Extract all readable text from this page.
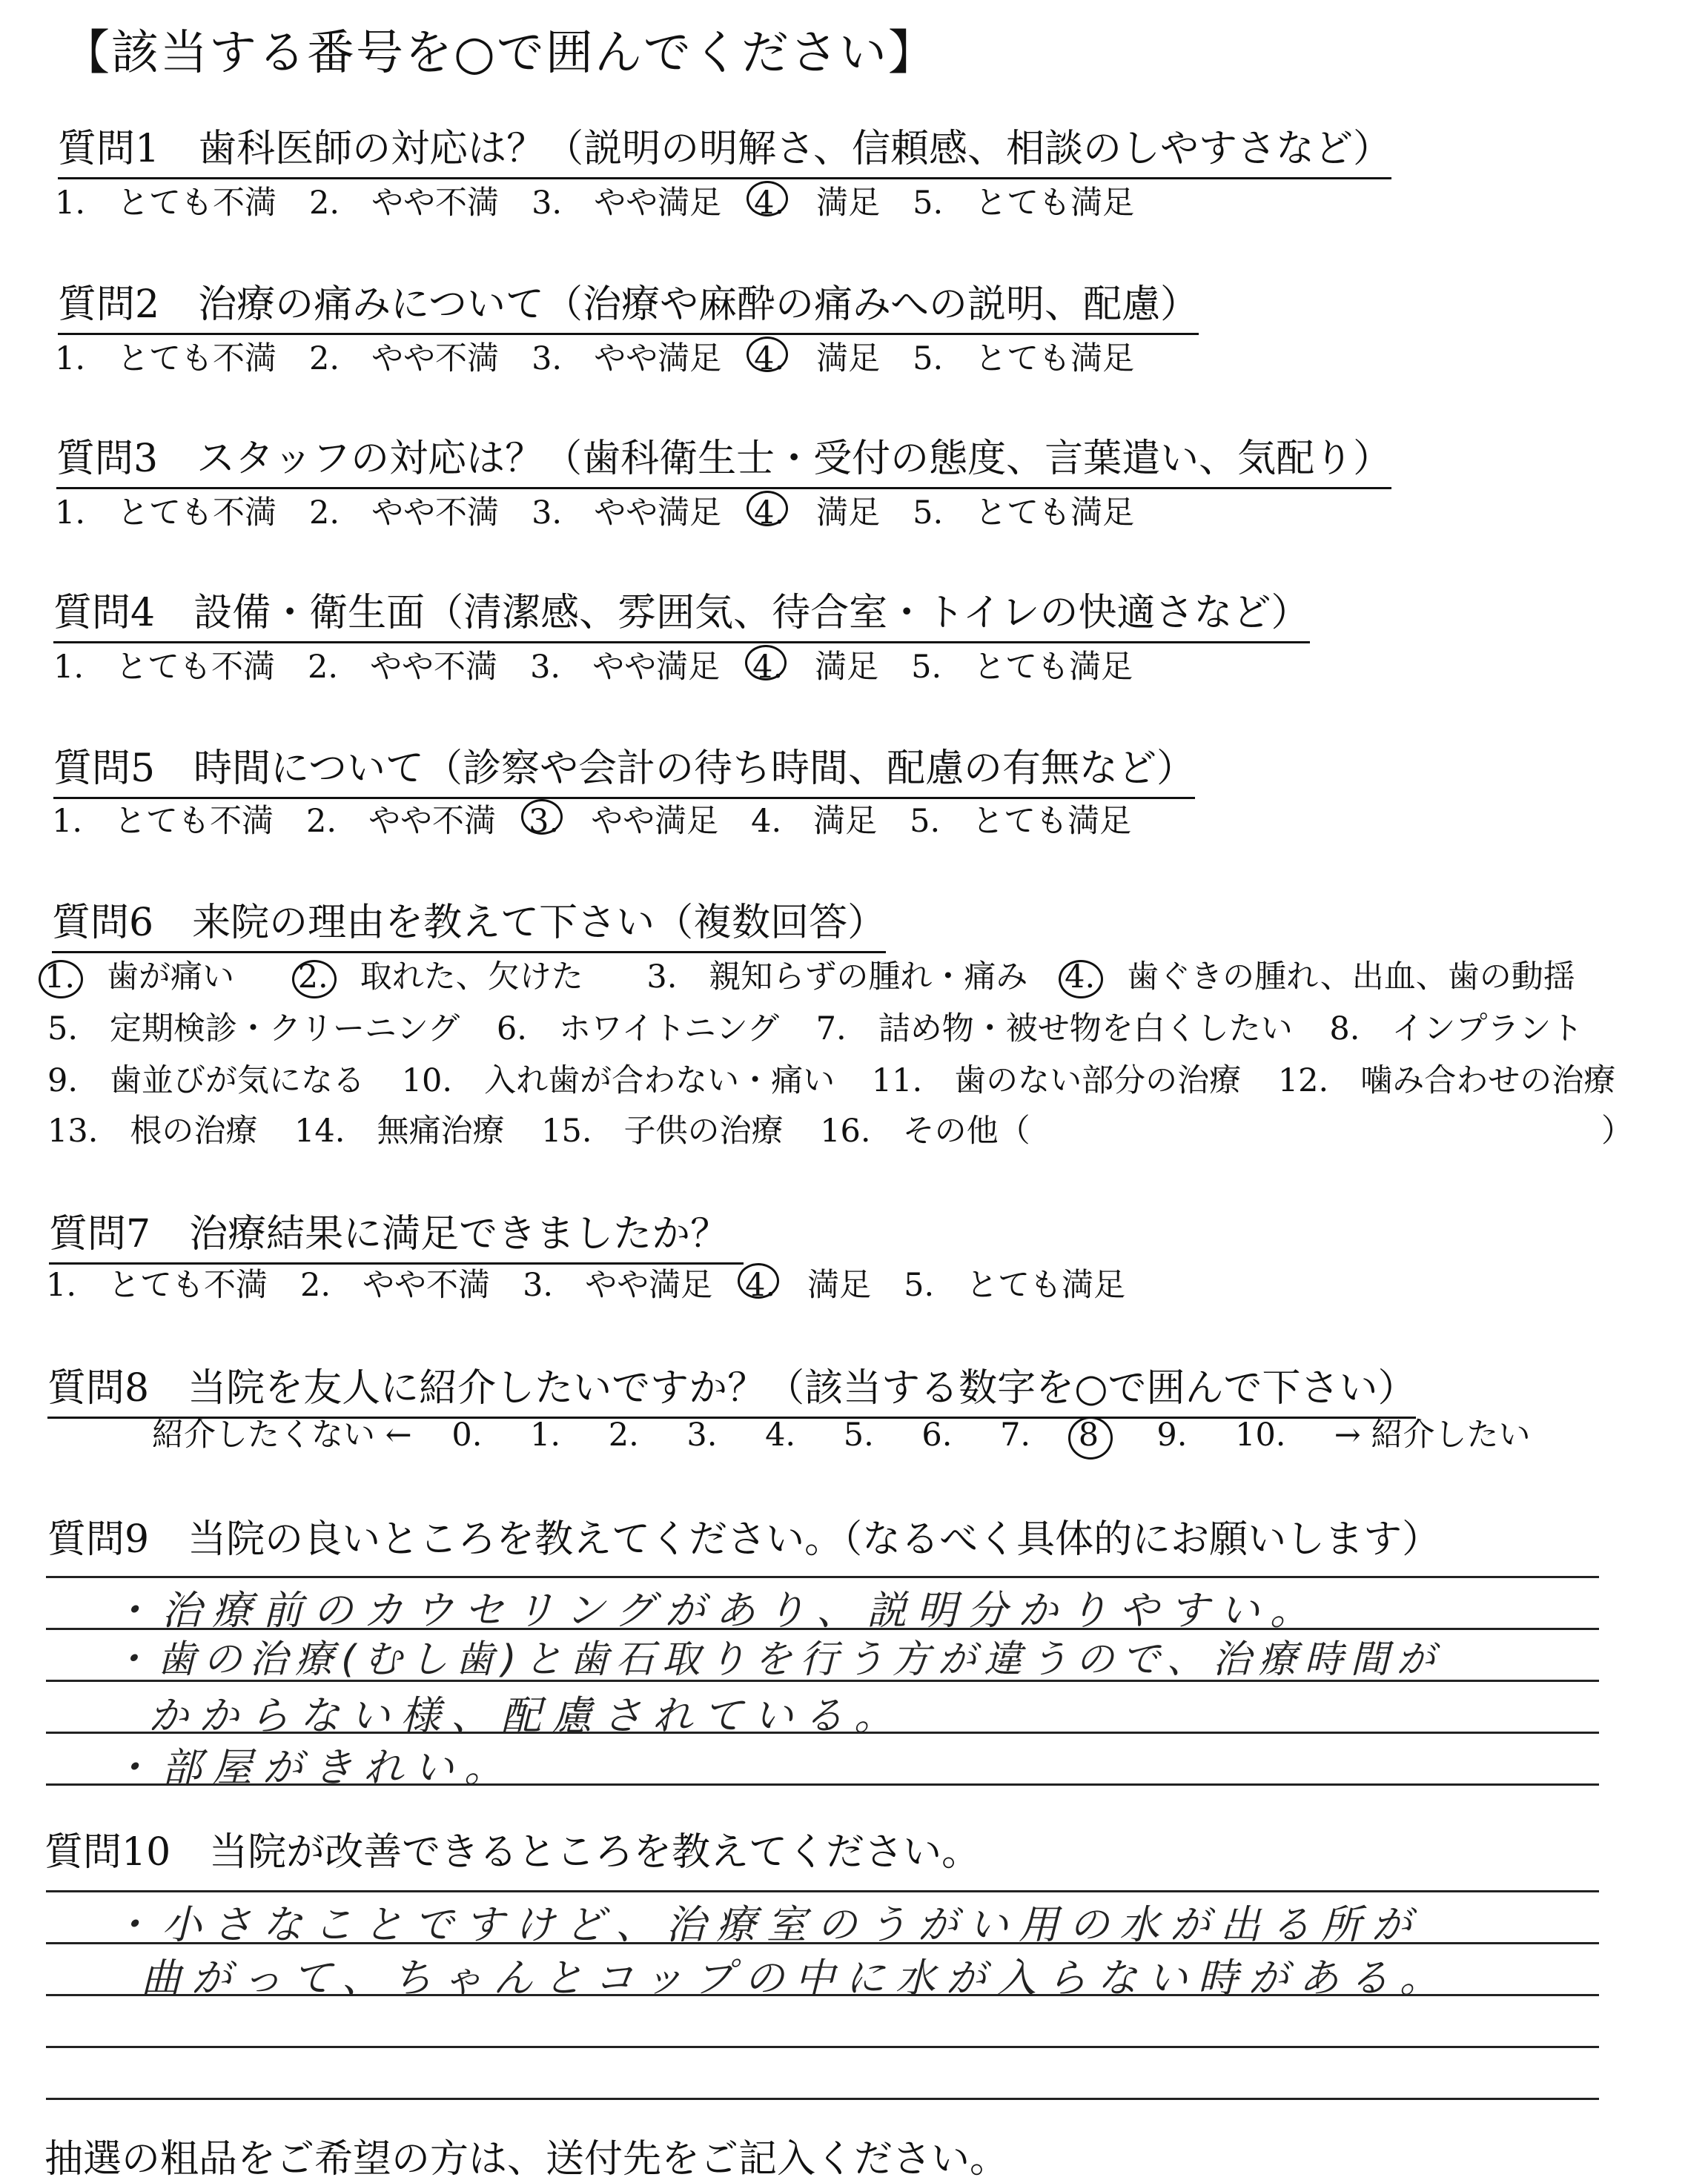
【該当する番号を○で囲んでください】
質問1　歯科医師の対応は？（説明の明解さ、信頼感、相談のしやすさなど）
1.　とても不満 2.　やや不満 3.　やや満足 4.　満足 5.　とても満足
質問2　治療の痛みについて（治療や麻酔の痛みへの説明、配慮）
1.　とても不満 2.　やや不満 3.　やや満足 4.　満足 5.　とても満足
質問3　スタッフの対応は？（歯科衛生士・受付の態度、言葉遣い、気配り）
1.　とても不満 2.　やや不満 3.　やや満足 4.　満足 5.　とても満足
質問4　設備・衛生面（清潔感、雰囲気、待合室・トイレの快適さなど）
1.　とても不満 2.　やや不満 3.　やや満足 4.　満足 5.　とても満足
質問5　時間について（診察や会計の待ち時間、配慮の有無など）
1.　とても不満 2.　やや不満 3.　やや満足 4.　満足 5.　とても満足
質問6　来院の理由を教えて下さい（複数回答）
1.　歯が痛い 2.　取れた、欠けた 3.　親知らずの腫れ・痛み 4.　歯ぐきの腫れ、出血、歯の動揺
5.　定期検診・クリーニング 6.　ホワイトニング 7.　詰め物・被せ物を白くしたい 8.　インプラント
9.　歯並びが気になる 10.　入れ歯が合わない・痛い 11.　歯のない部分の治療 12.　噛み合わせの治療
13.　根の治療 14.　無痛治療 15.　子供の治療 16.　その他（	）
質問7　治療結果に満足できましたか？
1.　とても不満 2.　やや不満 3.　やや満足 4.　満足 5.　とても満足
質問8　当院を友人に紹介したいですか？（該当する数字を○で囲んで下さい）
紹介したくない ← 0. 1. 2. 3. 4. 5. 6. 7. 8 9. 10. → 紹介したい
質問9　当院の良いところを教えてください。（なるべく具体的にお願いします）
・治療前のカウセリングがあり、説明分かりやすい。
・歯の治療(むし歯)と歯石取りを行う方が違うので、治療時間が
かからない様、配慮されている。
・部屋がきれい。
質問10　当院が改善できるところを教えてください。
・小さなことですけど、治療室のうがい用の水が出る所が
曲がって、ちゃんとコップの中に水が入らない時がある。
抽選の粗品をご希望の方は、送付先をご記入ください。
